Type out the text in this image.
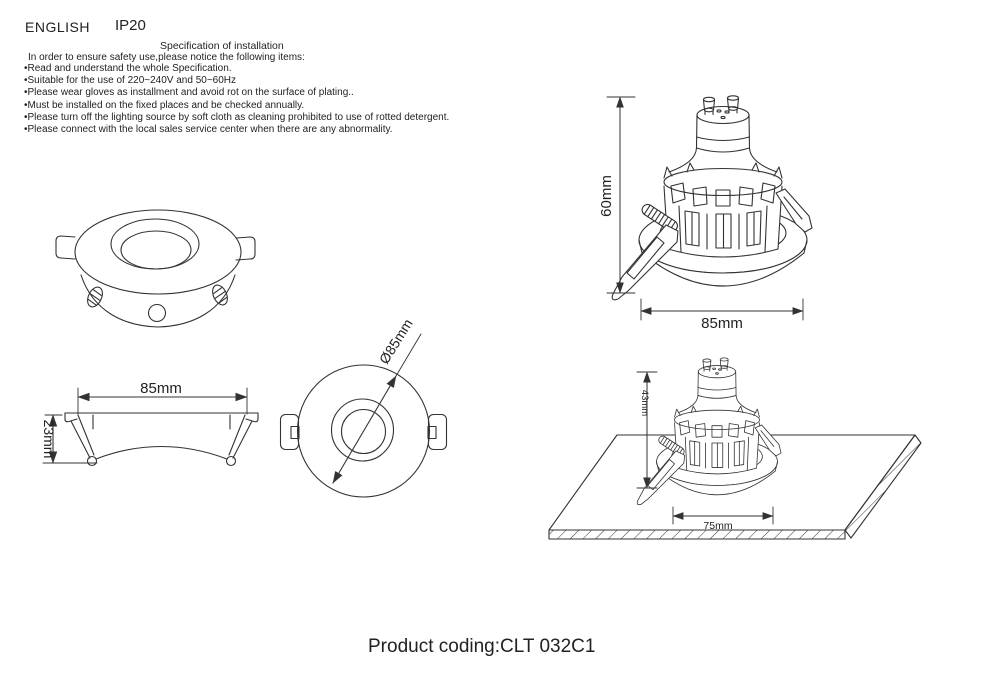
ENGLISH IP20
Specification of installation
In order to ensure safety use,please notice the following items:
•Read and understand the whole Specification.
•Suitable for the use of 220~240V and 50~60Hz
•Please wear gloves as installment and avoid rot on the surface of plating..
•Must be installed on the fixed places and be checked annually.
•Please turn off the lighting source by soft cloth as cleaning prohibited to use of rotted detergent.
•Please connect with the local sales service center when there are any abnormality.
85mm
23mm
Ø85mm
60mm
85mm
43mm
75mm
Product coding:CLT 032C1
